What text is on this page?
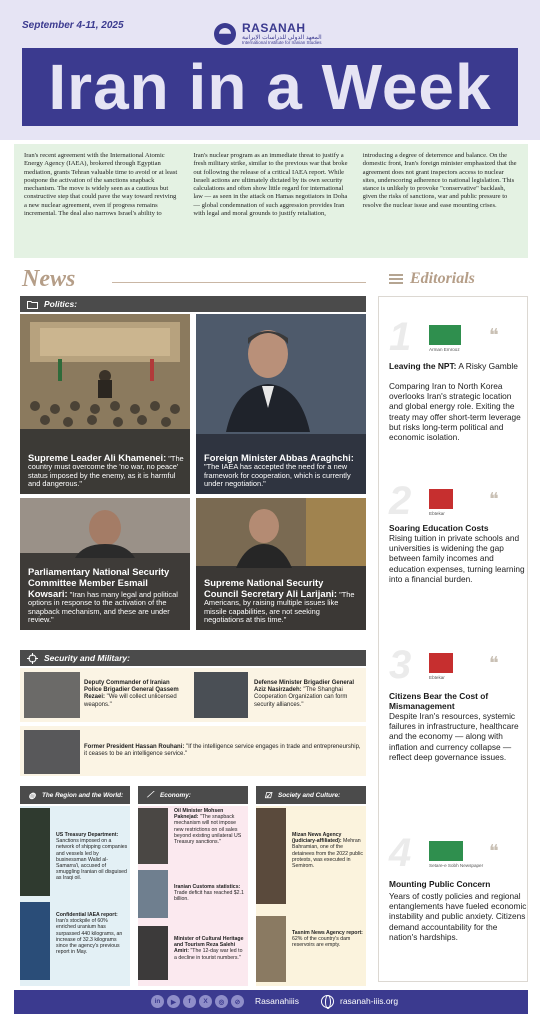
September 4-11, 2025	RASANAH
المعهد الدولي للدراسات الإيرانية
International Institute for Iranian Studies
Iran in a Week

Iran's recent agreement with the International Atomic Energy Agency (IAEA), brokered through Egyptian mediation, grants Tehran valuable time to avoid or at least postpone the activation of the sanctions snapback mechanism. The move is widely seen as a cautious but constructive step that could pave the way toward reviving a new nuclear agreement, even if progress remains incremental. The deal also narrows Israel's ability to

Iran's nuclear program as an immediate threat to justify a fresh military strike, similar to the previous war that broke out following the release of a critical IAEA report. While Israeli actions are ultimately dictated by its own security calculations and often show little regard for international law — as seen in the attack on Hamas negotiators in Doha — global condemnation of such aggression provides Iran with legal and moral grounds to justify retaliation,

introducing a degree of deterrence and balance. On the domestic front, Iran's foreign minister emphasized that the agreement does not grant inspectors access to nuclear sites, underscoring adherence to national legislation. This stance is unlikely to provoke "conservative" backlash, given the risks of sanctions, war and public pressure to resolve the nuclear issue and ease mounting crises.

News
Politics:
Supreme Leader Ali Khamenei: "The country must overcome the 'no war, no peace' status imposed by the enemy, as it is harmful and dangerous."
Foreign Minister Abbas Araghchi: "The IAEA has accepted the need for a new framework for cooperation, which is currently under negotiation."
Parliamentary National Security Committee Member Esmail Kowsari: "Iran has many legal and political options in response to the activation of the snapback mechanism, and these are under review."
Supreme National Security Council Secretary Ali Larijani: "The Americans, by raising multiple issues like missile capabilities, are not seeking negotiations at this time."
Security and Military:
Deputy Commander of Iranian Police Brigadier General Qassem Rezaei: "We will collect unlicensed weapons."
Defense Minister Brigadier General Aziz Nasirzadeh: "The Shanghai Cooperation Organization can form security alliances."
Former President Hassan Rouhani: "If the intelligence service engages in trade and entrepreneurship, it ceases to be an intelligence service."
◍	The Region and the World:	⟋	Economy:	☑	Society and Culture:
US Treasury Department: Sanctions imposed on a network of shipping companies and vessels led by businessman Walid al-Samarra'i, accused of smuggling Iranian oil disguised as Iraqi oil.
Confidential IAEA report: Iran's stockpile of 60% enriched uranium has surpassed 440 kilograms, an increase of 32.3 kilograms since the agency's previous report in May.
Oil Minister Mohsen Paknejad: "The snapback mechanism will not impose new restrictions on oil sales beyond existing unilateral US Treasury sanctions."
Iranian Customs statistics: Trade deficit has reached $2.1 billion.
Minister of Cultural Heritage and Tourism Reza Salehi Amiri: "The 12-day war led to a decline in tourist numbers."
Mizan News Agency (judiciary-affiliated): Mehran Bahramian, one of the detainees from the 2022 public protests, was executed in Semirom.
Tasnim News Agency report: 62% of the country's dam reservoirs are empty.
Editorials
1	Arman Emrooz
❝
Leaving the NPT: A Risky Gamble
Comparing Iran to North Korea overlooks Iran's strategic location and global energy role. Exiting the treaty may offer short-term leverage but risks long-term political and economic isolation.
2	Ebtekar
❝
Soaring Education Costs
Rising tuition in private schools and universities is widening the gap between family incomes and education expenses, turning learning into a financial burden.
3	Ebtekar
❝
Citizens Bear the Cost of Mismanagement
Despite Iran's resources, systemic failures in infrastructure, healthcare and the economy — along with inflation and currency collapse — reflect deep governance issues.
4	Setare-e Sobh Newspaper
❝
Mounting Public Concern
Years of costly policies and regional entanglements have fueled economic instability and public anxiety. Citizens demand accountability for the nation's hardships.
in	▶	f	X	◎	⊘	Rasanahiiis	rasanah-iiis.org
